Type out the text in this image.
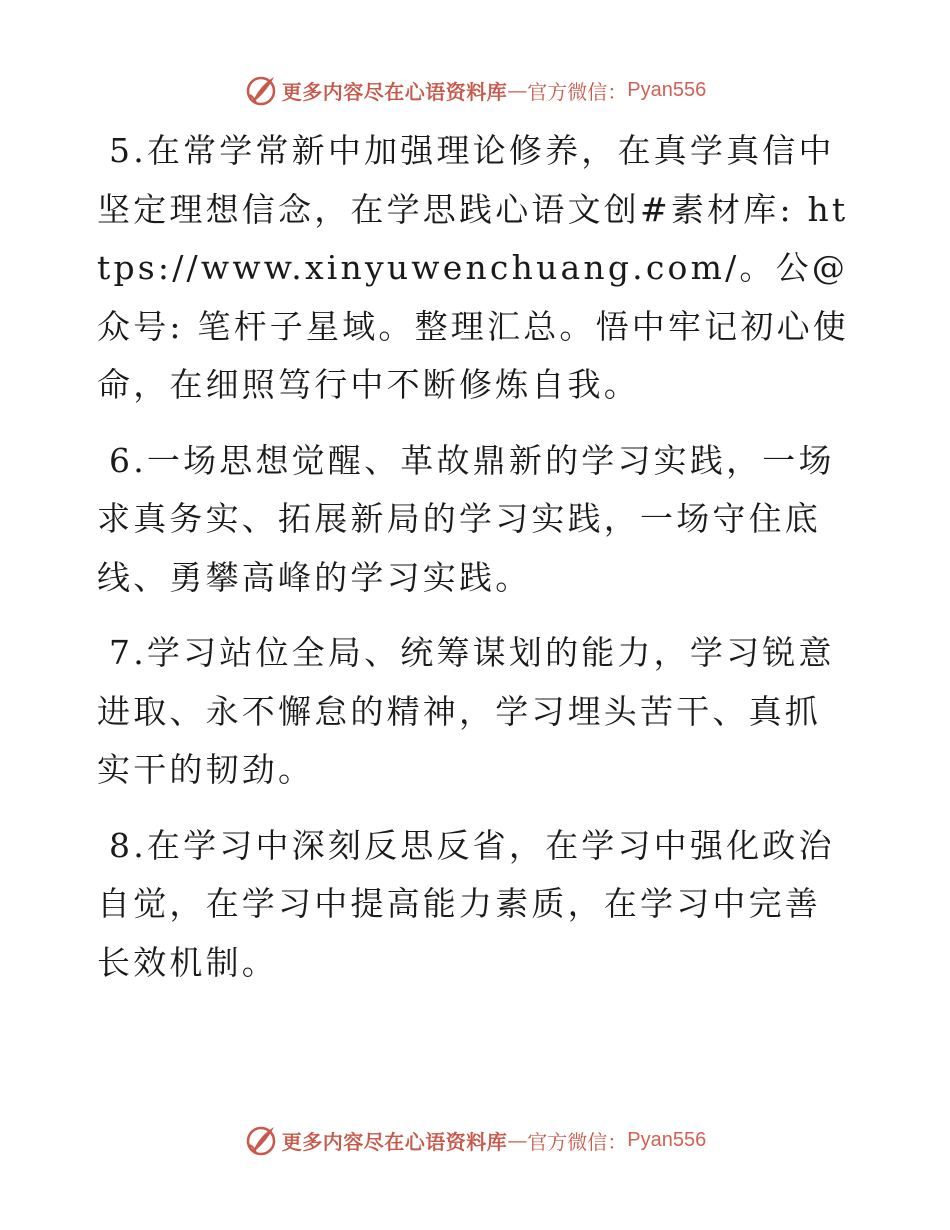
更多内容尽在心语资料库 — 官方微信： Pyan556

5.在常学常新中加强理论修养，在真学真信中坚定理想信念，在学思践心语文创#素材库: https://www.xinyuwenchuang.com/。公@众号: 笔杆子星域。整理汇总。悟中牢记初心使命，在细照笃行中不断修炼自我。

6.一场思想觉醒、革故鼎新的学习实践，一场求真务实、拓展新局的学习实践，一场守住底线、勇攀高峰的学习实践。

7.学习站位全局、统筹谋划的能力，学习锐意进取、永不懈怠的精神，学习埋头苦干、真抓实干的韧劲。

8.在学习中深刻反思反省，在学习中强化政治自觉，在学习中提高能力素质，在学习中完善长效机制。

更多内容尽在心语资料库 — 官方微信： Pyan556
